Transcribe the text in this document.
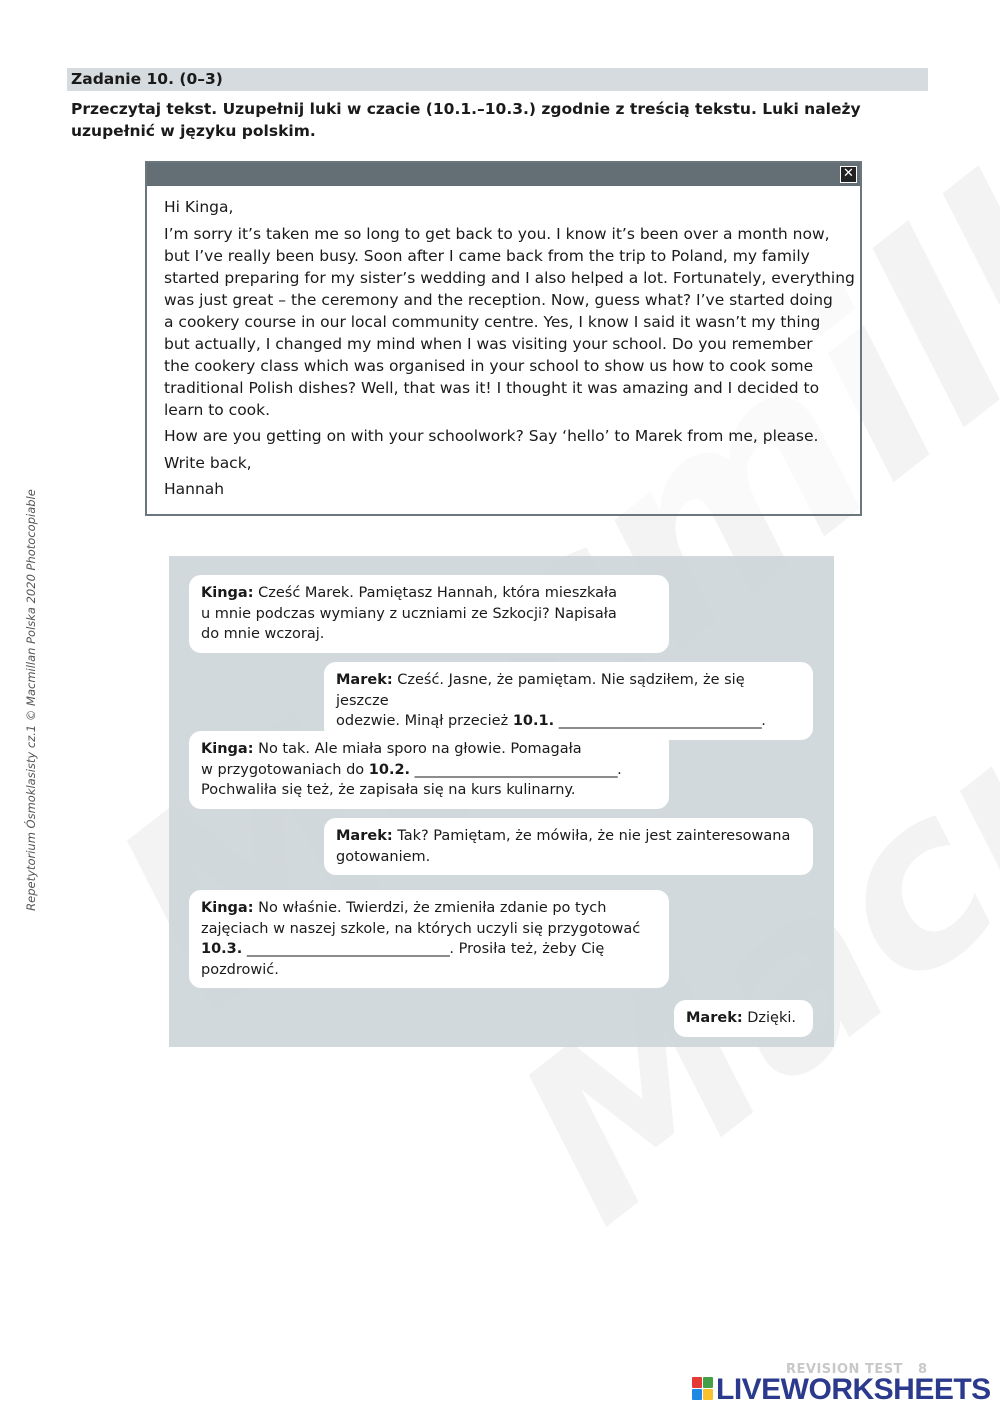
Repetytorium Ósmoklasisty cz.1 © Macmillan Polska 2020 Photocopiable
Zadanie 10. (0–3)
Przeczytaj tekst. Uzupełnij luki w czacie (10.1.–10.3.) zgodnie z treścią tekstu. Luki należy uzupełnić w języku polskim.
✕

Hi Kinga,

I’m sorry it’s taken me so long to get back to you. I know it’s been over a month now,
but I’ve really been busy. Soon after I came back from the trip to Poland, my family
started preparing for my sister’s wedding and I also helped a lot. Fortunately, everything
was just great – the ceremony and the reception. Now, guess what? I’ve started doing
a cookery course in our local community centre. Yes, I know I said it wasn’t my thing
but actually, I changed my mind when I was visiting your school. Do you remember
the cookery class which was organised in your school to show us how to cook some
traditional Polish dishes? Well, that was it! I thought it was amazing and I decided to
learn to cook.

How are you getting on with your schoolwork? Say ‘hello’ to Marek from me, please.

Write back,

Hannah

Kinga: Cześć Marek. Pamiętasz Hannah, która mieszkała
u mnie podczas wymiany z uczniami ze Szkocji? Napisała
do mnie wczoraj.
Marek: Cześć. Jasne, że pamiętam. Nie sądziłem, że się jeszcze
odezwie. Minął przecież 10.1. ______________________________.
Kinga: No tak. Ale miała sporo na głowie. Pomagała
w przygotowaniach do 10.2. ______________________________.
Pochwaliła się też, że zapisała się na kurs kulinarny.
Marek: Tak? Pamiętam, że mówiła, że nie jest zainteresowana
gotowaniem.
Kinga: No właśnie. Twierdzi, że zmieniła zdanie po tych
zajęciach w naszej szkole, na których uczyli się przygotować
10.3. ______________________________. Prosiła też, żeby Cię
pozdrowić.
Marek: Dzięki.
REVISION TEST 8
LIVEWORKSHEETS
